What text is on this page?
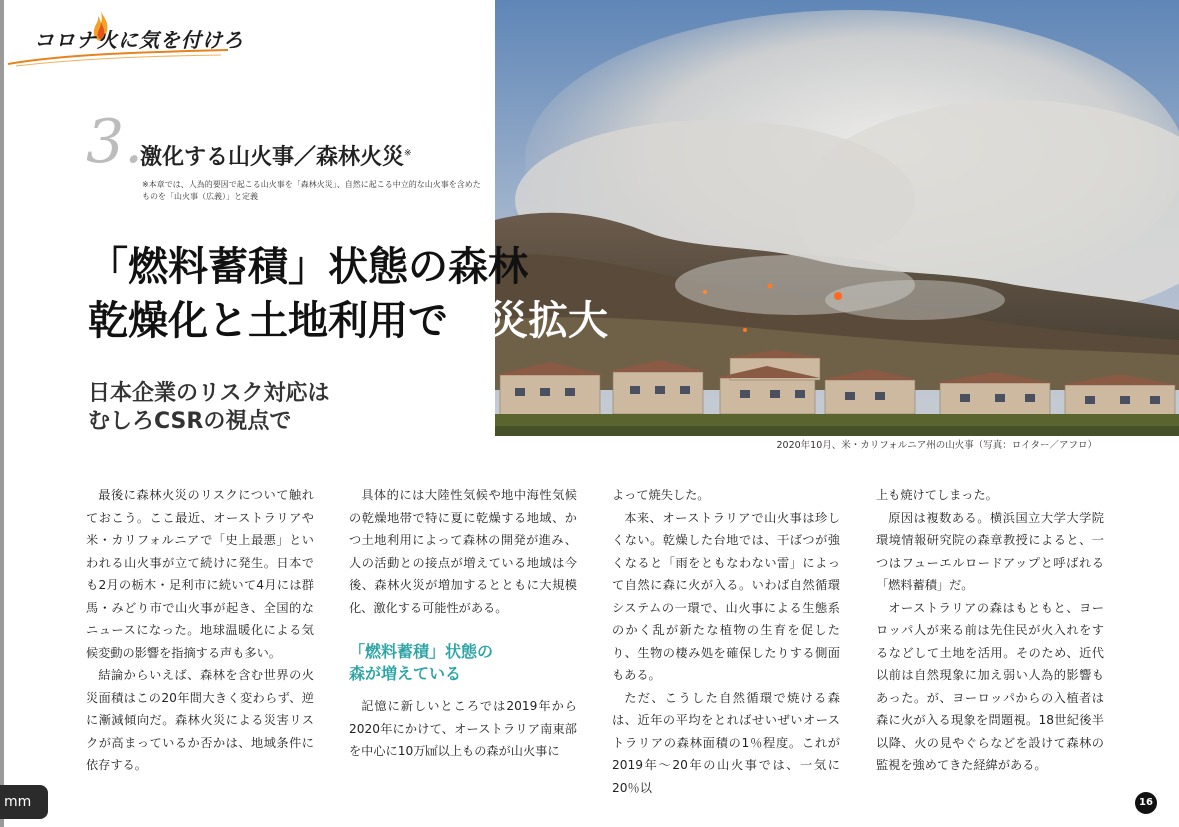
コロナ火に気を付けろ
2020年10月、米・カリフォルニア州の山火事（写真：ロイター／アフロ）
3.
激化する山火事／森林火災※
※本章では、人為的要因で起こる山火事を「森林火災」、自然に起こる中立的な山火事を含めたものを「山火事（広義）」と定義
「燃料蓄積」状態の森林
乾燥化と土地利用で火災拡大
日本企業のリスク対応は
むしろCSRの視点で

最後に森林火災のリスクについて触れておこう。ここ最近、オーストラリアや米・カリフォルニアで「史上最悪」といわれる山火事が立て続けに発生。日本でも2月の栃木・足利市に続いて4月には群馬・みどり市で山火事が起き、全国的なニュースになった。地球温暖化による気候変動の影響を指摘する声も多い。

結論からいえば、森林を含む世界の火災面積はこの20年間大きく変わらず、逆に漸減傾向だ。森林火災による災害リスクが高まっているか否かは、地域条件に依存する。

具体的には大陸性気候や地中海性気候の乾燥地帯で特に夏に乾燥する地域、かつ土地利用によって森林の開発が進み、人の活動との接点が増えている地域は今後、森林火災が増加するとともに大規模化、激化する可能性がある。

「燃料蓄積」状態の
森が増えている

記憶に新しいところでは2019年から2020年にかけて、オーストラリア南東部を中心に10万㎢以上もの森が山火事に

よって焼失した。

本来、オーストラリアで山火事は珍しくない。乾燥した台地では、干ばつが強くなると「雨をともなわない雷」によって自然に森に火が入る。いわば自然循環システムの一環で、山火事による生態系のかく乱が新たな植物の生育を促したり、生物の棲み処を確保したりする側面もある。

ただ、こうした自然循環で焼ける森は、近年の平均をとればせいぜいオーストラリアの森林面積の1％程度。これが2019年～20年の山火事では、一気に20％以

上も焼けてしまった。

原因は複数ある。横浜国立大学大学院環境情報研究院の森章教授によると、一つはフューエルロードアップと呼ばれる「燃料蓄積」だ。

オーストラリアの森はもともと、ヨーロッパ人が来る前は先住民が火入れをするなどして土地を活用。そのため、近代以前は自然現象に加え弱い人為的影響もあった。が、ヨーロッパからの入植者は森に火が入る現象を問題視。18世紀後半以降、火の見やぐらなどを設けて森林の監視を強めてきた経緯がある。

16
mm
